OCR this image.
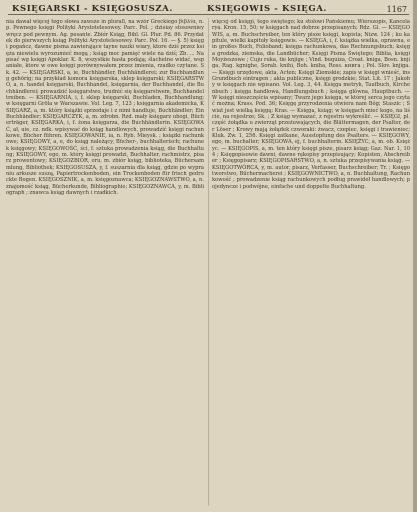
KSIĘGARSKI - KSIĘGOSUSZA.	KSIĘGOWIS - KSIĘGA.	1167

nia dawał więcej tego słowa zawsze in pluralī, na wzór Greckiego βιβλία, n. p. Pewnego księgi Polityki Arystotelesowey. Parc. Pol. ; dzisiay stosowniey wręcz pod pewnym. Ag. pesante. Zbiór Ksiąg, Bibl. Gl. Plur. Pd. 86. Przydatek do pierwszych ksiąg Polityki Arystotelesowey. Parc. Pol. 16. — §. 5) księgi pogańcz, dawne pisma zawierające tayne nauki wiary, ktore dziś przez księża niewielu wyrozumieć mogą ; ksiąg moc pamięć wiele na dziś; Zb. ... Napisać wg księgi Apoklar. K. 8, wszystkie hasła podają; ślachetne widać, wspaniałe, ktore w owe księgi porównywałem przez imienia, rzadko czytane. Sk. 42. — KSIĘGARSKI, a, ie, Buchhändler, Buchhändlerei; zur Buchhandlung gehörig; na przykład komora księgarska, sklep księgarski; KSIĘGARSTWO, a, n. handel księgarski, Buchhandel, księgarnia, der Buchhandel, die Buchhändlerei; prowadzić księgarstwo, trudnić się księgarstwem, Buchhandel treiben. — KSIĘGARNIA, i, f. sklep księgarski, Buchladen, Buchhandlung; w księgarni Gröla w Warszawie. Vol. Leg. 7, 123 ; księgarnia akademicka, KSIĘGARZ, a, m. który książki sprzedaje i z nimi handluje, Buchhändler; Ein Buchhändler; KSIĘGARCZYK, a, m. zdrobn. Rzd. mały księgarz ubogi, Bücherträger, KSIĘGARKA, i, f. żona księgarza, die Buchhändlerin. KSIĘGOWAĆ, ał, uie, cz. ndk. wpisywać do ksiąg handlowych, prowadzić księgi rachunkowe, Bücher führen. KSIĘGOWANIE, ia, n. Ryb. Mieysk. ; książki rachunkowe; KSIĘGOWY, a, e, do ksiąg należący, Bücher-, buchhalterisch; rachunek księgowy; KSIĘGOWOŚĆ, ści, f. sztuka prowadzenia ksiąg, die Buchhaltung; KSIĘGOWY, ego, m. który księgi prowadzi, Buchhalter, rachmistrz, pisarz prowentowy; KSIĘGOZBIÓR, oru, m. zbiór ksiąg, biblioteka, Büchersammlung, Bibliothek; KSIĘGOSUSZA, y, f. suszarnia dla ksiąg, gdzie po wypraniu arkusze suszą, Papiertrockenboden, ein Trockenboden für frisch gedruckte Bogen. KSIĘGOSZNIK, a, m. księgoznawca; KSIĘGOZNAWSTWO, a, n. znajomość ksiąg, Bücherkunde, Bibliographie; KSIĘGOZNAWCA, y, m. Bibliograph ; znawca ksiąg dawnych i rzadkich.

więcej od księgi, tego świętego; ku stołowi Pańskiemu; Wierszopis, Kancelarya. Kron. 15, 50; w księgach nad dobrze przepisanych; Rdz. Gl. — KSIĘGOWIS, a, m. Buchschreiber, ten który pisze księgi, kopista; Nizw. 124 ; ku kapitule, wielki kapituły księgowis. — KSIĘGA, i, f. książka wielka, oprawna, ein großes Buch, Folioband; księga rachunkowa, das Rechnungsbuch; księga grodzka, ziemska, die Landbücher; Księgi Pisma Świętego; Biblia, księgi Moyżeszowe ; Cuju ruka, tie knjige ; Vind. buquiza, Croat. kniga, Bosn. knjiga, Rag. kgnighe, Sorab. knihi, Boh. kniha, Ross. книга ; Pol. Slov. knjiga. — Księgi urzędowe, akta, Acten; Księgi Ziemskie; zapis w księgi wnieść, ins Grundbuch eintragen ; akta publiczne, księgi grodzkie; Stat. Lit. 17 ; Jakoby w księgach nie wpisano. Vol. Leg. 3, 44. Księga metryk, Taufbuch, Kirchenbuch ; księga handlowa, Handlungsbuch ; księga główna, Hauptbuch. — W księgi nieszczęścia wpisany; Twarz jego księga, w której serca jego czytać można; Krass. Pod. 36; Księgę przyrodzenia otwiera nam Bóg; Staszic ; Świat jest wielką księgą; Kras. — Księga, ksiąg; w księgach mieć kogo, na liście, na rejestrze; Sk. ; Z ksiąg wymazać, z rejestru wykreślić. — KSIĘGI, pl. część żołądka u zwierząt przeżuwających, die Blättermagen, der Psalter, der Löser ; Krowy mają żołądek czworaki: żwacz, czepiec, księgi i trawieniec; Kluk. Zw. 1, 256. Księgi zatkane, Ausstopfung des Psalters. — KSIĘGOWY, ego, m. buchalter; KSIĘGOWA, ej, f. buchhalterin. KSIĘŻYC, a, m. ob. Księżyc. — KSIĘGOPIS, a, m. ten który księgi pisze, pisarz ksiąg; Gaz. Nar. 1, 104 ; Księgopisowie dawni, dawne rękopisy przepisujący; Kopisten, Abschreiber ; Księgopisarz; KSIĘGOPISARSTWO, a, n. sztuka przepisywania ksiąg. — KSIĘGOTWÓRCA, y, m. autor, pisarz, Verfasser, Buchschreiber; Tr. ; Księgotworstwo, Büchermacherei ; KSIĘGOWNICTWO, a, n. Buchhaltung, Rachunkowość ; prowadzenie ksiąg rachunkowych podług prawideł handlowych; pojedyncze i podwójne, einfache und doppelte Buchhaltung.
